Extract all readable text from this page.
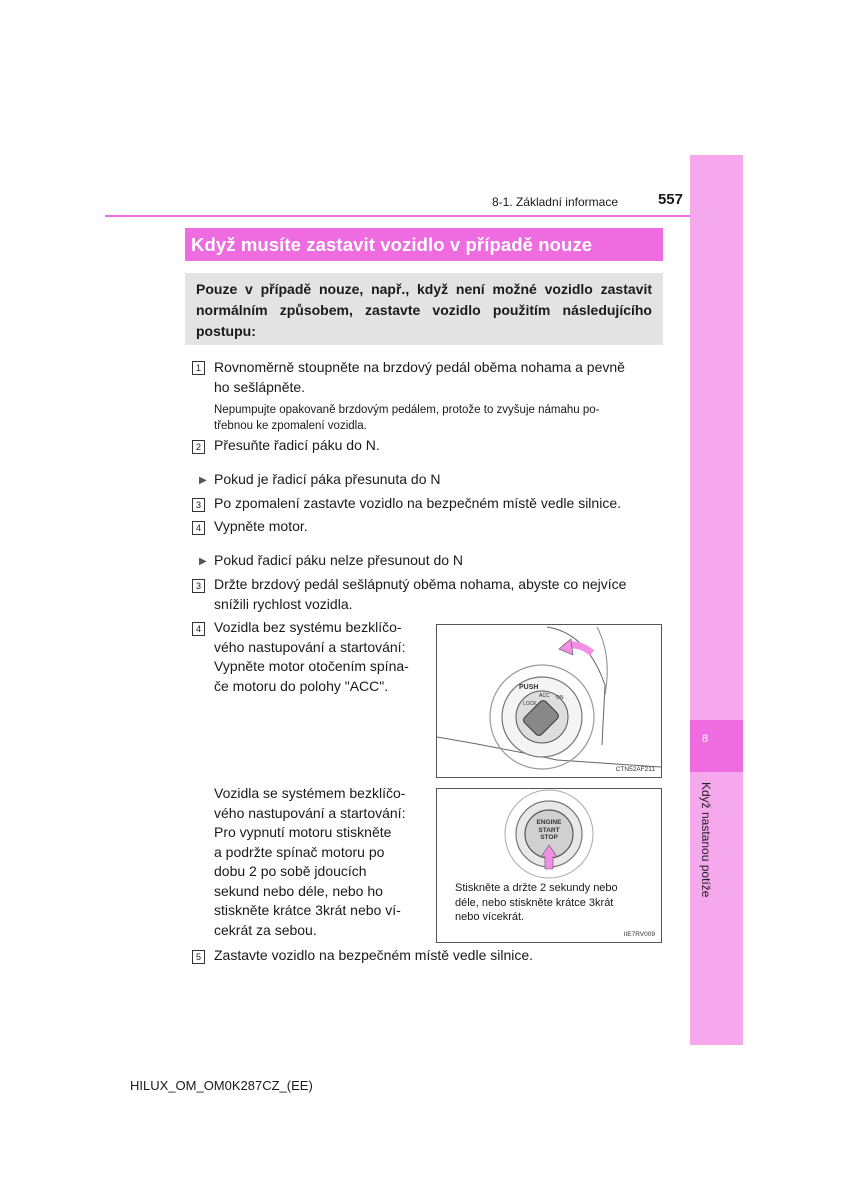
8
Když nastanou potíže
8-1. Základní informace	557
Když musíte zastavit vozidlo v případě nouze
Pouze v případě nouze, např., když není možné vozidlo zastavit normálním způsobem, zastavte vozidlo použitím následujícího postupu:
1 Rovnoměrně stoupněte na brzdový pedál oběma nohama a pevně
ho sešlápněte.
Nepumpujte opakovaně brzdovým pedálem, protože to zvyšuje námahu po-
třebnou ke zpomalení vozidla.
2 Přesuňte řadicí páku do N.
▶ Pokud je řadicí páka přesunuta do N
3 Po zpomalení zastavte vozidlo na bezpečném místě vedle silnice.
4 Vypněte motor.
▶ Pokud řadicí páku nelze přesunout do N
3 Držte brzdový pedál sešlápnutý oběma nohama, abyste co nejvíce
snížili rychlost vozidla.
4 Vozidla bez systému bezklíčo-
vého nastupování a startování:
Vypněte motor otočením spína-
če motoru do polohy "ACC".
Vozidla se systémem bezklíčo-
vého nastupování a startování:
Pro vypnutí motoru stiskněte
a podržte spínač motoru po
dobu 2 po sobě jdoucích
sekund nebo déle, nebo ho
stiskněte krátce 3krát nebo ví-
cekrát za sebou.
PUSH
LOCK
ACC ON
CTN52AF211
ENGINE
START
STOP
Stiskněte a držte 2 sekundy nebo
déle, nebo stiskněte krátce 3krát
nebo vícekrát.
IIE7RV009
5 Zastavte vozidlo na bezpečném místě vedle silnice.
HILUX_OM_OM0K287CZ_(EE)
